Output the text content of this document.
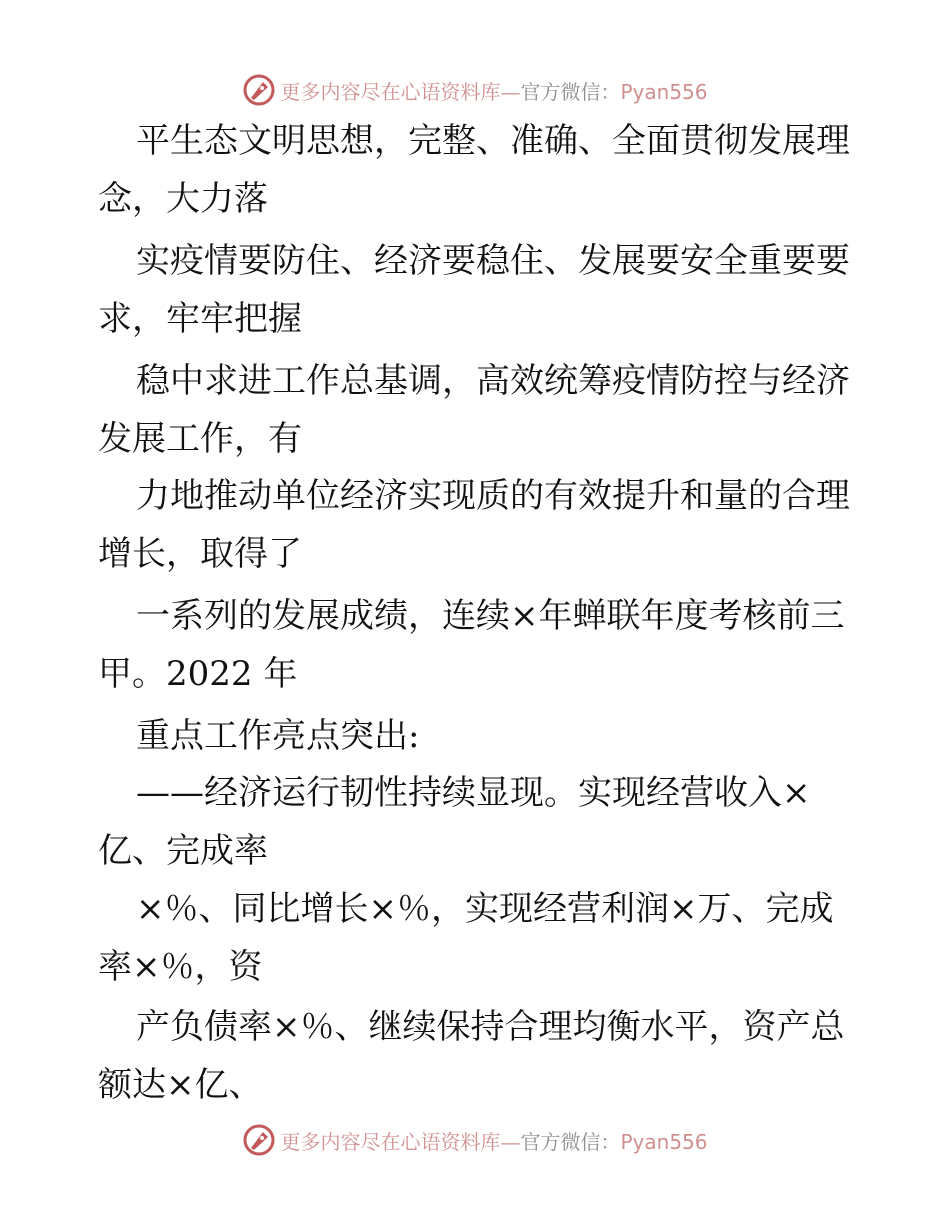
更多内容尽在心语资料库—官方微信：Pyan556
平生态文明思想，完整、准确、全面贯彻发展理
念，大力落
实疫情要防住、经济要稳住、发展要安全重要要
求，牢牢把握
稳中求进工作总基调，高效统筹疫情防控与经济
发展工作，有
力地推动单位经济实现质的有效提升和量的合理
增长，取得了
一系列的发展成绩，连续×年蝉联年度考核前三
甲。2022 年
重点工作亮点突出:
——经济运行韧性持续显现。实现经营收入×
亿、完成率
×％、同比增长×％，实现经营利润×万、完成
率×％，资
产负债率×％、继续保持合理均衡水平，资产总
额达×亿、
更多内容尽在心语资料库—官方微信：Pyan556
